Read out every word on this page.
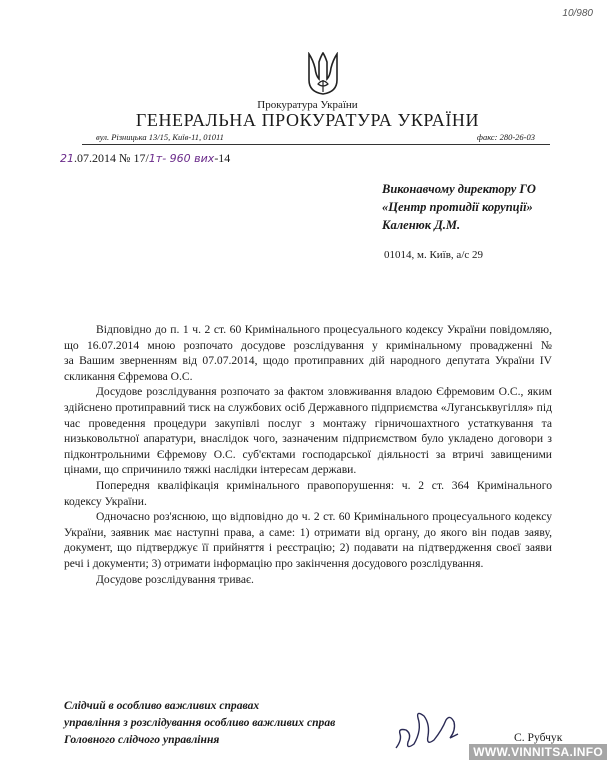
10/980
Прокуратура України
ГЕНЕРАЛЬНА ПРОКУРАТУРА УКРАЇНИ
вул. Різницька 13/15, Київ-11, 01011	факс: 280-26-03
21.07.2014 № 17/1т- 960 вих-14
Виконавчому директору ГО
«Центр протидії корупції»
Каленюк Д.М.
01014, м. Київ, а/с 29

Відповідно до п. 1 ч. 2 ст. 60 Кримінального процесуального кодексу України повідомляю, що 16.07.2014 мною розпочато досудове розслідування у кримінальному провадженні №                    за Вашим зверненням від 07.07.2014, щодо протиправних дій народного депутата України IV скликання Єфремова О.С.

Досудове розслідування розпочато за фактом зловживання владою Єфремовим О.С., яким здійснено протиправний тиск на службових осіб Державного підприємства «Луганськвугілля» під час проведення процедури закупівлі послуг з монтажу гірничошахтного устаткування та низьковольтної апаратури, внаслідок чого, зазначеним підприємством було укладено договори з підконтрольними Єфремову О.С. суб'єктами господарської діяльності за втричі завищеними цінами, що спричинило тяжкі наслідки інтересам держави.

Попередня кваліфікація кримінального правопорушення: ч. 2 ст. 364 Кримінального кодексу України.

Одночасно роз'яснюю, що відповідно до ч. 2 ст. 60 Кримінального процесуального кодексу України, заявник має наступні права, а саме: 1) отримати від органу, до якого він подав заяву, документ, що підтверджує її прийняття і реєстрацію; 2) подавати на підтвердження своєї заяви речі і документи; 3) отримати інформацію про закінчення досудового розслідування.

Досудове розслідування триває.

Слідчий в особливо важливих справах
управління з розслідування особливо важливих справ
Головного слідчого управління	С. Рубчук
WWW.VINNITSA.INFO
